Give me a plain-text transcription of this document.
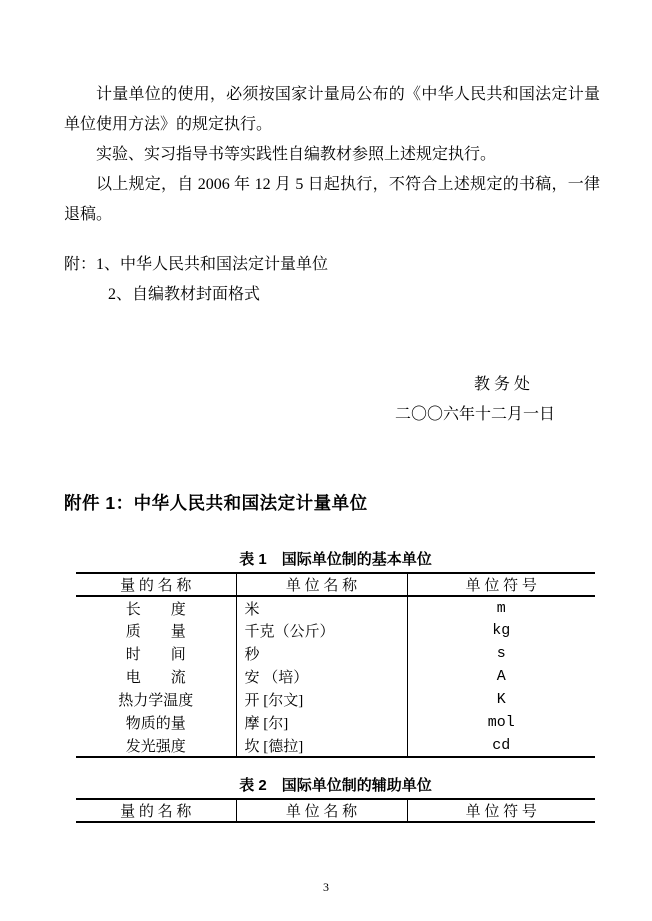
计量单位的使用，必须按国家计量局公布的《中华人民共和国法定计量单位使用方法》的规定执行。

实验、实习指导书等实践性自编教材参照上述规定执行。

以上规定，自 2006 年 12 月 5 日起执行，不符合上述规定的书稿，一律退稿。

附：1、中华人民共和国法定计量单位

2、自编教材封面格式

教 务 处
二〇〇六年十二月一日
附件 1：中华人民共和国法定计量单位
表 1　国际单位制的基本单位
量 的 名 称	单 位 名 称	单 位 符 号
长　　度	米	m
质　　量	千克（公斤）	kg
时　　间	秒	s
电　　流	安 （培）	A
热力学温度	开 [尔文]	K
物质的量	摩 [尔]	mol
发光强度	坎 [德拉]	cd
表 2　国际单位制的辅助单位
量 的 名 称	单 位 名 称	单 位 符 号
3
